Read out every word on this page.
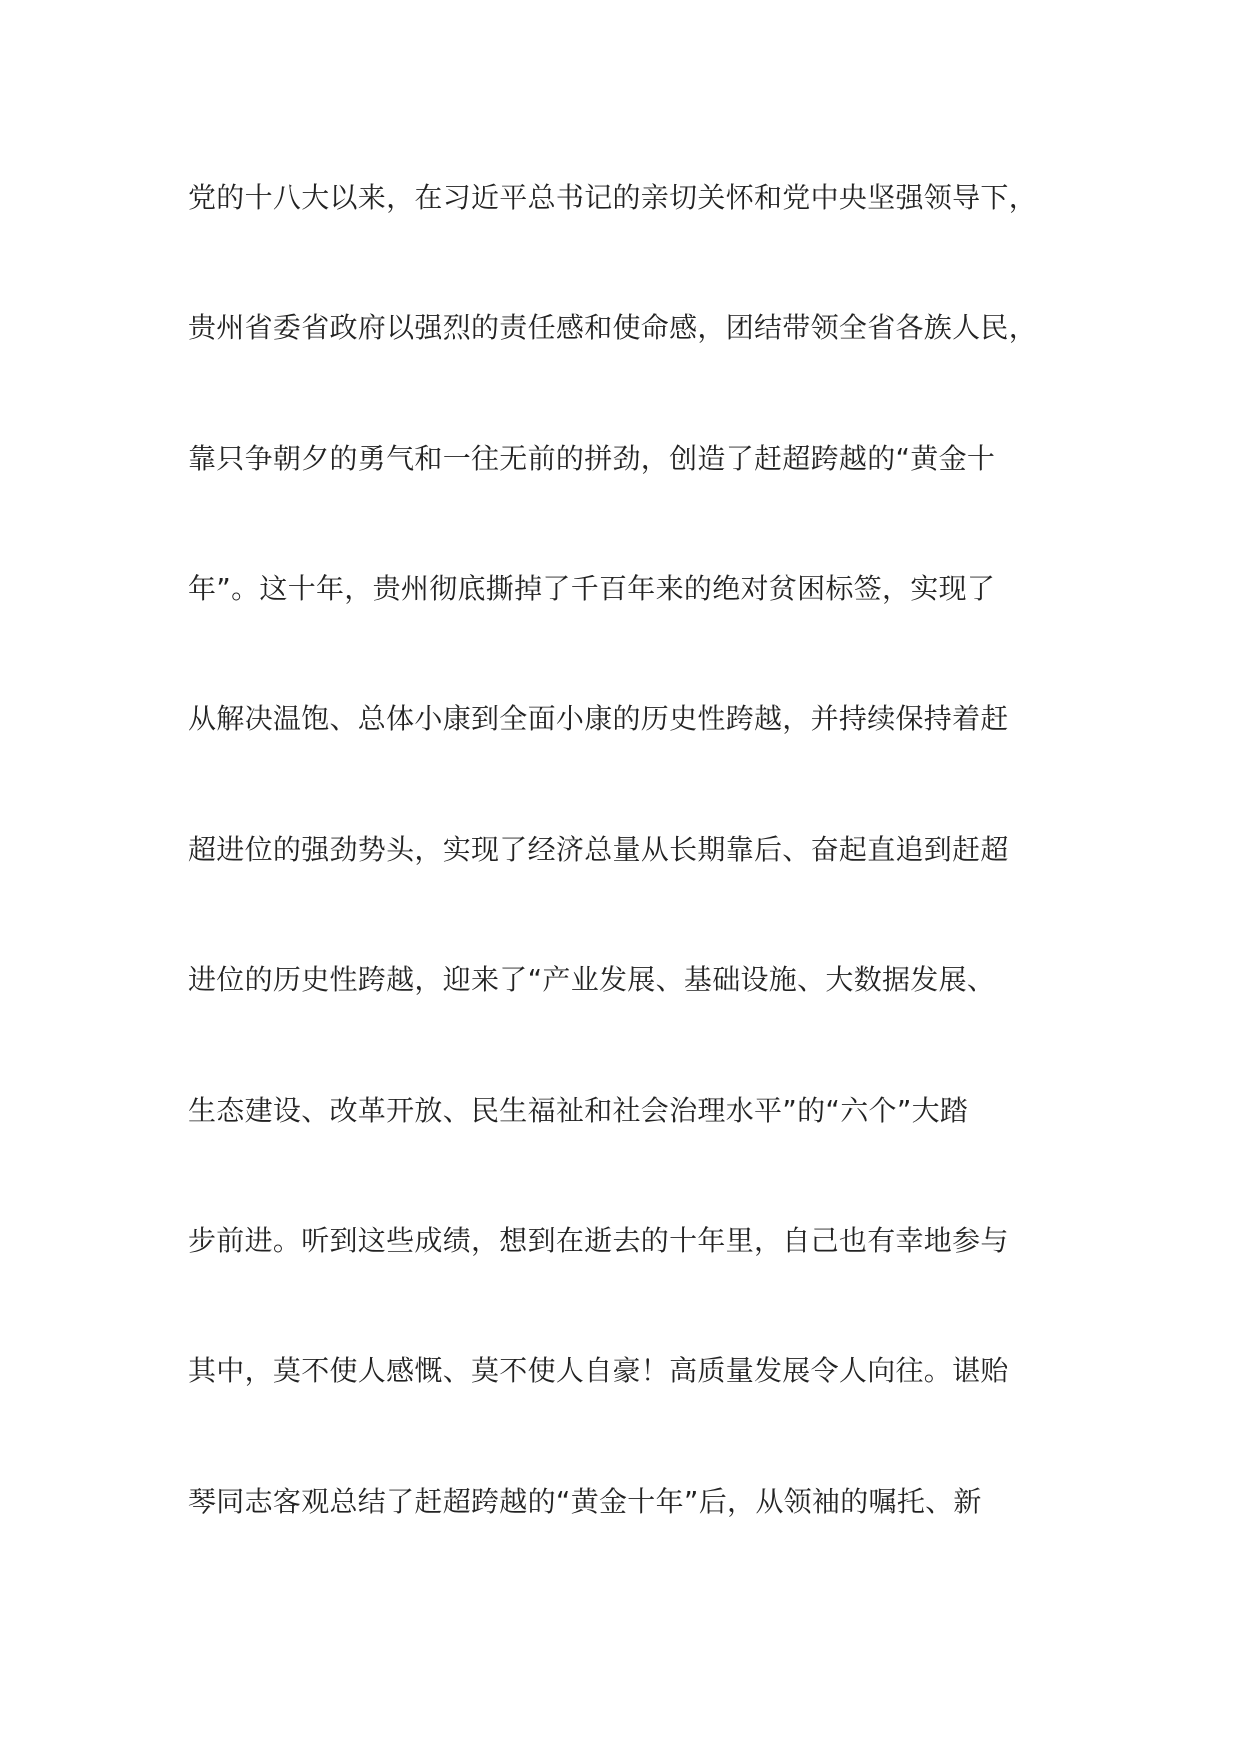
党的十八大以来，在习近平总书记的亲切关怀和党中央坚强领导下，
贵州省委省政府以强烈的责任感和使命感，团结带领全省各族人民，
靠只争朝夕的勇气和一往无前的拼劲，创造了赶超跨越的“黄金十
年”。这十年，贵州彻底撕掉了千百年来的绝对贫困标签，实现了
从解决温饱、总体小康到全面小康的历史性跨越，并持续保持着赶
超进位的强劲势头，实现了经济总量从长期靠后、奋起直追到赶超
进位的历史性跨越，迎来了“产业发展、基础设施、大数据发展、
生态建设、改革开放、民生福祉和社会治理水平”的“六个”大踏
步前进。听到这些成绩，想到在逝去的十年里，自己也有幸地参与
其中，莫不使人感慨、莫不使人自豪！高质量发展令人向往。谌贻
琴同志客观总结了赶超跨越的“黄金十年”后，从领袖的嘱托、新
